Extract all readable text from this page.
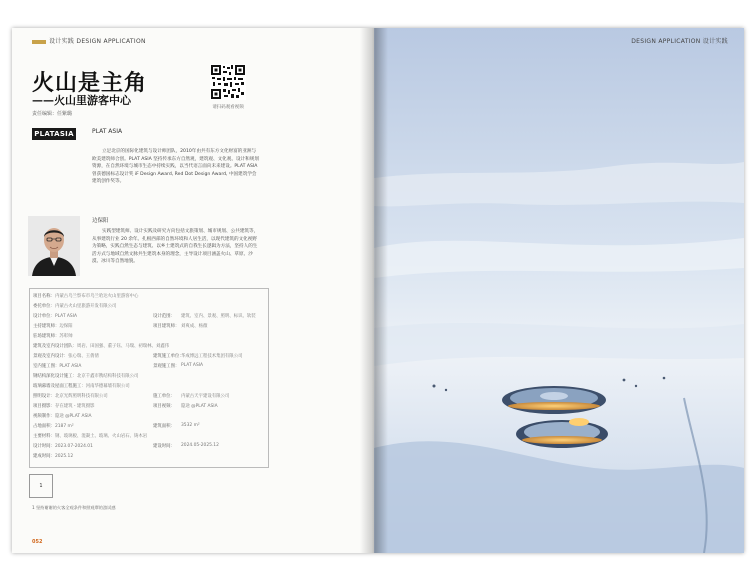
设计实践 DESIGN APPLICATION
火山是主角
——火山里游客中心
责任编辑：任紫璐
请扫码观看视频
PLATASIA	PLAT ASIA
立足北京的国际化建筑与设计师团队，2010年由共有东方文化财富的亚洲与欧美建筑师合创。PLAT ASIA 坚持传承东方自然观，建筑观、文化观、设计和规划资源，在自然环境与城市生态中持续实践，以当代语言面向未来建设。PLAT ASIA 曾获德国标志设计奖 iF Design Award, Red Dot Design Award, 中国建筑学会建筑创作奖等。
边保阳
实践型建筑师、设计实践及研究方向包括文旅策划、城市规划、公共建筑等，从事建筑行业 20 余年。扎根西部的自然环境和人居生活，以现代建筑的文化视野为策略，实践自然生态与建筑、以乡土建筑式的自我生长逻辑为方法，坚持人的生活方式与地域自然文脉共生建筑本身的理念，主导设计项目涵盖火山、草原、沙漠、冰川等自然地貌。
项目名称：内蒙古乌兰察布市乌兰哈达火山里游客中心
委托单位：内蒙古火山里旅游开发有限公司
设计单位：PLAT ASIA	设计范围： 建筑、室内、景观、照明、标识、软装
主持建筑师：边保阳	项目建筑师： 刘爽成、杨薇
驻场建筑师：苏彰帅
建筑及室内设计团队：周岩、田国强、董子钰、马瑞、初瑞林、刘鑫伟
景观及室内设计：张心瑞、王倩倩	建筑施工单位：
华成博远工程技术集团有限公司
室内施工图：PLAT ASIA	景观施工图： PLAT ASIA
钢结构深化设计施工：北京千鑫市镌结构科技有限公司
玻璃幕墙及屋面工程施工：河南华德幕墙有限公司
照明设计：北京光辉照明科技有限公司	施工单位： 内蒙古天宇建设有限公司
项目摄影：存在建筑 - 建筑摄影	项目视频： 隐途 @PLAT ASIA
视频制作：隐途 @PLAT ASIA
占地面积：2187 m²	建筑面积： 3532 m²
主要材料：钢、玻璃板、混凝土、玻璃、火山岩石、铸木岩
设计时间：2023.07-2024.01	建设时间： 2024.05-2025.12
建成时间：2025.12
1
1 坚持谢谢的火客全观条件和照观摩的游试感
052
DESIGN APPLICATION 设计实践
